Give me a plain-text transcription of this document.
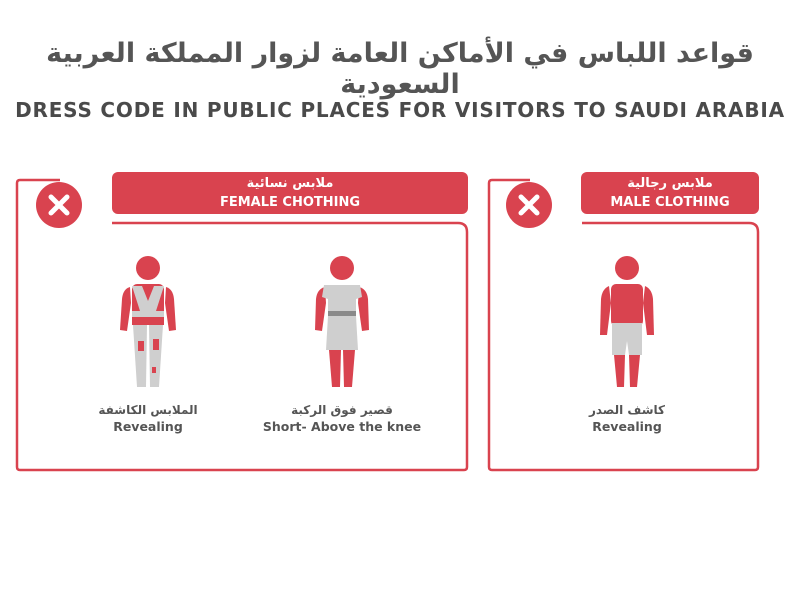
قواعد اللباس في الأماكن العامة لزوار المملكة العربية السعودية
DRESS CODE IN PUBLIC PLACES FOR VISITORS TO SAUDI ARABIA
ملابس نسائية
FEMALE CHOTHING
الملابس الكاشفة
Revealing
قصير فوق الركبة
Short- Above the knee
ملابس رجالية
MALE CLOTHING
كاشف الصدر
Revealing
